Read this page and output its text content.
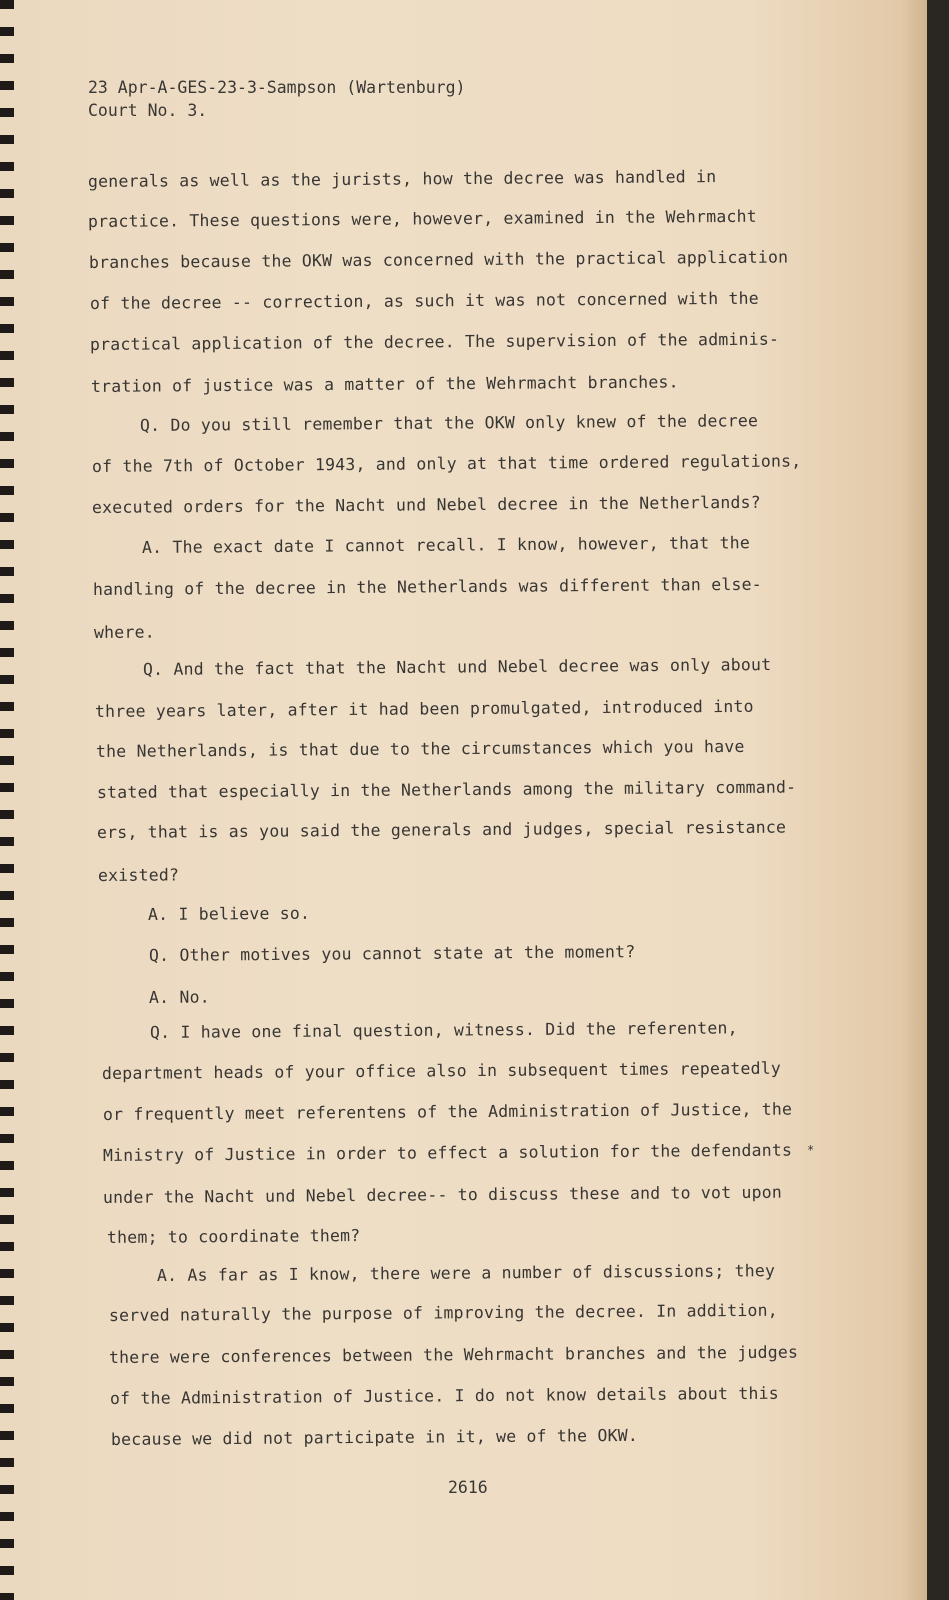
23 Apr-A-GES-23-3-Sampson (Wartenburg)
Court No. 3.
generals as well as the jurists, how the decree was handled in
practice. These questions were, however, examined in the Wehrmacht
branches because the OKW was concerned with the practical application
of the decree -- correction, as such it was not concerned with the
practical application of the decree. The supervision of the adminis-
tration of justice was a matter of the Wehrmacht branches.
Q. Do you still remember that the OKW only knew of the decree
of the 7th of October 1943, and only at that time ordered regulations,
executed orders for the Nacht und Nebel decree in the Netherlands?
A. The exact date I cannot recall. I know, however, that the
handling of the decree in the Netherlands was different than else-
where.
Q. And the fact that the Nacht und Nebel decree was only about
three years later, after it had been promulgated, introduced into
the Netherlands, is that due to the circumstances which you have
stated that especially in the Netherlands among the military command-
ers, that is as you said the generals and judges, special resistance
existed?
A. I believe so.
Q. Other motives you cannot state at the moment?
A. No.
Q. I have one final question, witness. Did the referenten,
department heads of your office also in subsequent times repeatedly
or frequently meet referentens of the Administration of Justice, the
Ministry of Justice in order to effect a solution for the defendants
under the Nacht und Nebel decree-- to discuss these and to vot upon
them; to coordinate them?
A. As far as I know, there were a number of discussions; they
served naturally the purpose of improving the decree. In addition,
there were conferences between the Wehrmacht branches and the judges
of the Administration of Justice. I do not know details about this
because we did not participate in it, we of the OKW.
*
2616
